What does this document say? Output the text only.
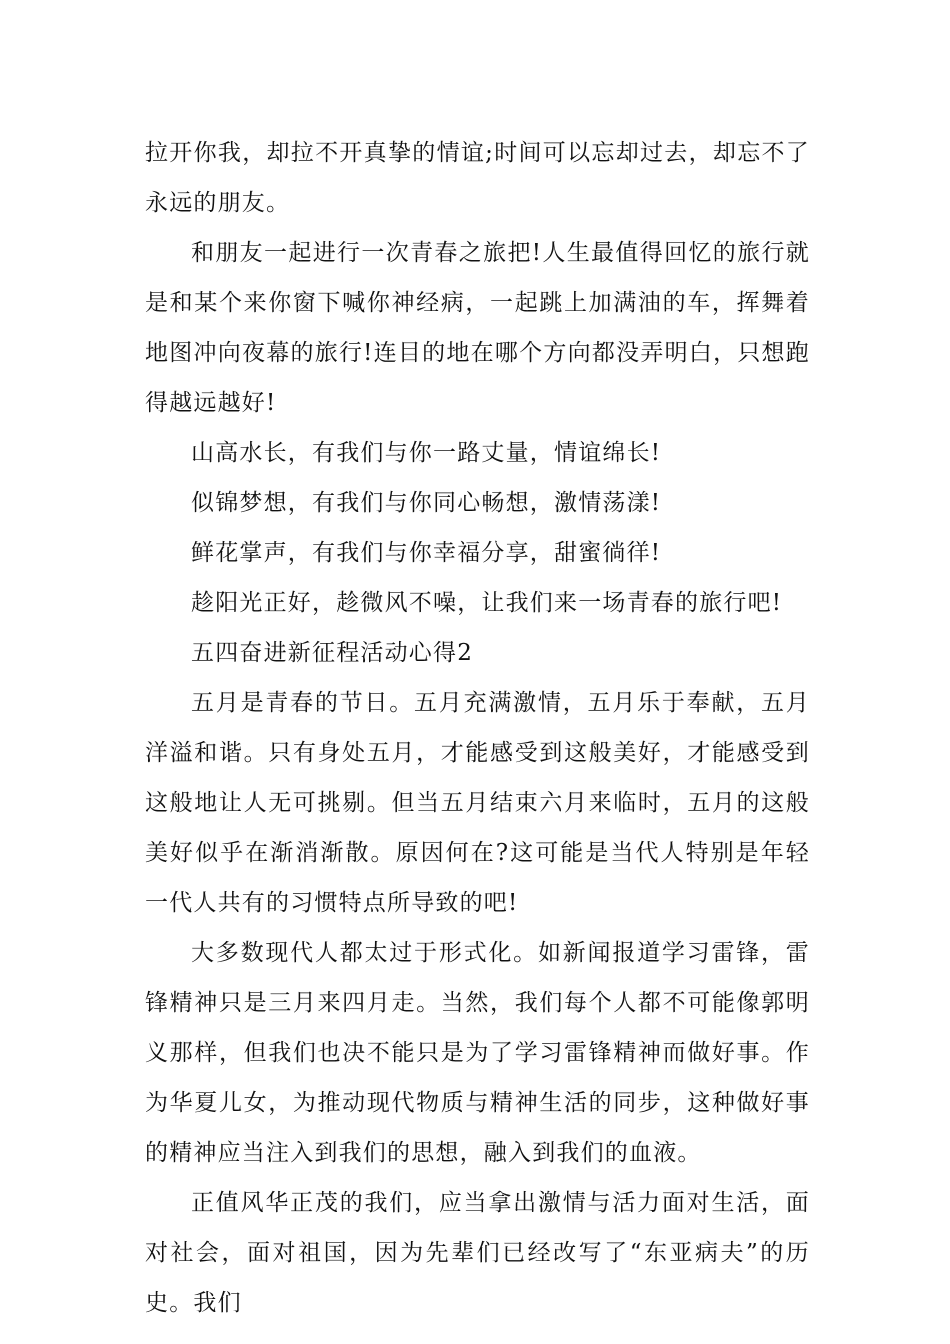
拉开你我，却拉不开真挚的情谊;时间可以忘却过去，却忘不了永远的朋友。

和朋友一起进行一次青春之旅把!人生最值得回忆的旅行就是和某个来你窗下喊你神经病，一起跳上加满油的车，挥舞着地图冲向夜幕的旅行!连目的地在哪个方向都没弄明白，只想跑得越远越好!

山高水长，有我们与你一路丈量，情谊绵长!

似锦梦想，有我们与你同心畅想，激情荡漾!

鲜花掌声，有我们与你幸福分享，甜蜜徜徉!

趁阳光正好，趁微风不噪，让我们来一场青春的旅行吧!

五四奋进新征程活动心得2

五月是青春的节日。五月充满激情，五月乐于奉献，五月洋溢和谐。只有身处五月，才能感受到这般美好，才能感受到这般地让人无可挑剔。但当五月结束六月来临时，五月的这般美好似乎在渐消渐散。原因何在?这可能是当代人特别是年轻一代人共有的习惯特点所导致的吧!

大多数现代人都太过于形式化。如新闻报道学习雷锋，雷锋精神只是三月来四月走。当然，我们每个人都不可能像郭明义那样，但我们也决不能只是为了学习雷锋精神而做好事。作为华夏儿女，为推动现代物质与精神生活的同步，这种做好事的精神应当注入到我们的思想，融入到我们的血液。

正值风华正茂的我们，应当拿出激情与活力面对生活，面对社会，面对祖国，因为先辈们已经改写了“东亚病夫”的历史。我们
